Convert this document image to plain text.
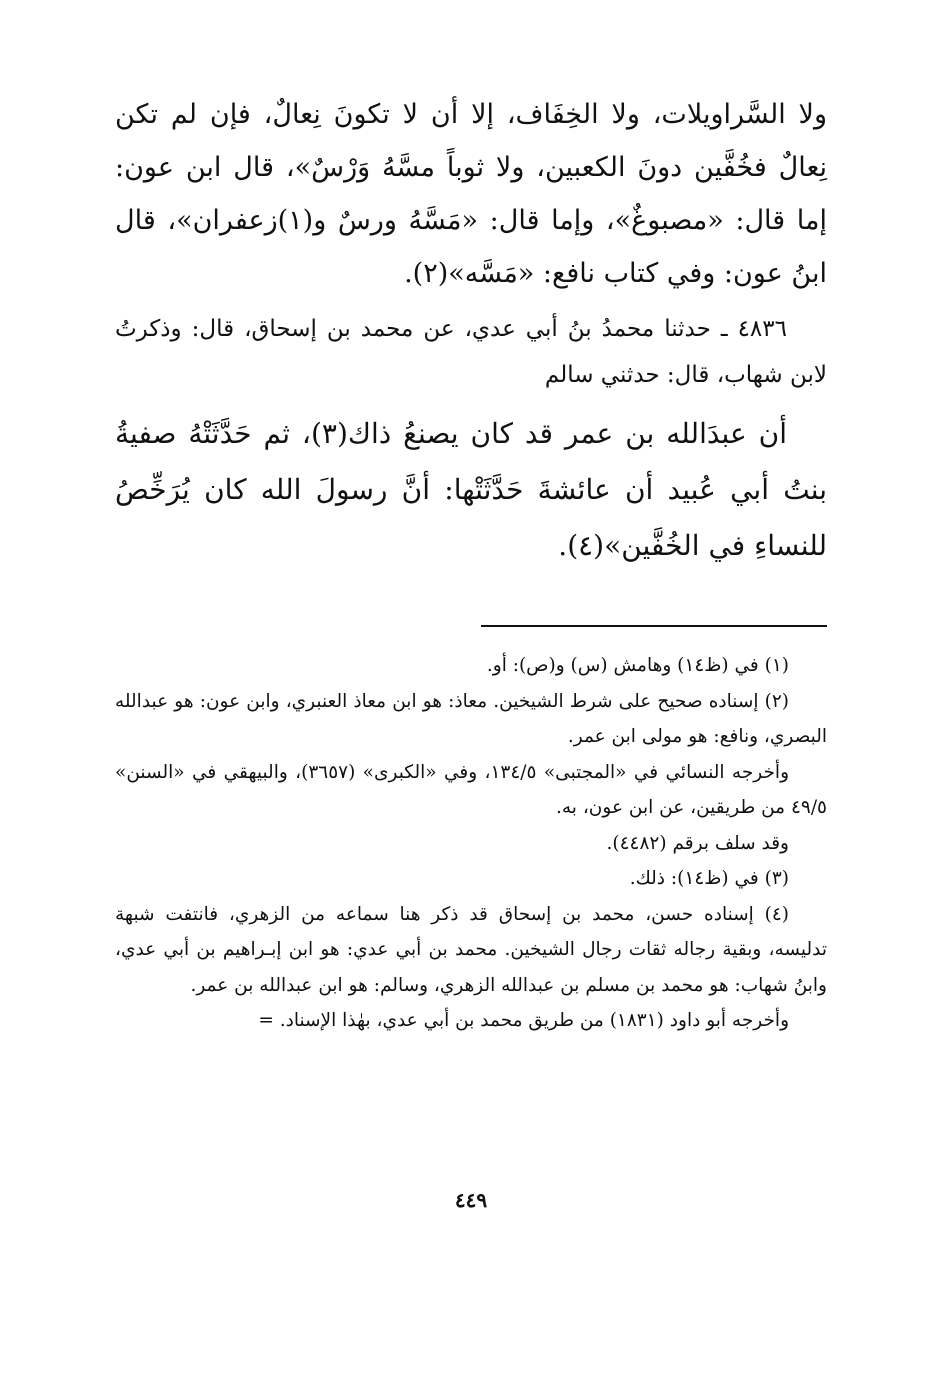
ولا السَّراويلات، ولا الخِفَاف، إلا أن لا تكونَ نِعالٌ، فإن لم تكن نِعالٌ فخُفَّين دونَ الكعبين، ولا ثوباً مسَّهُ وَرْسٌ»، قال ابن عون: إما قال: «مصبوغٌ»، وإما قال: «مَسَّهُ ورسٌ و(١)زعفران»، قال ابنُ عون: وفي كتاب نافع: «مَسَّه»(٢).

٤٨٣٦ ـ حدثنا محمدُ بنُ أبي عدي، عن محمد بن إسحاق، قال: وذكرتُ لابن شهاب، قال: حدثني سالم

أن عبدَالله بن عمر قد كان يصنعُ ذاك(٣)، ثم حَدَّثَتْهُ صفيةُ بنتُ أبي عُبيد أن عائشةَ حَدَّثَتْها: أنَّ رسولَ الله كان يُرَخِّصُ للنساءِ في الخُفَّين»(٤).

(١) في (ظ١٤) وهامش (س) و(ص): أو.

(٢) إسناده صحيح على شرط الشيخين. معاذ: هو ابن معاذ العنبري، وابن عون: هو عبدالله البصري، ونافع: هو مولى ابن عمر.

وأخرجه النسائي في «المجتبى» ١٣٤/٥، وفي «الكبرى» (٣٦٥٧)، والبيهقي في «السنن» ٤٩/٥ من طريقين، عن ابن عون، به.

وقد سلف برقم (٤٤٨٢).

(٣) في (ظ١٤): ذلك.

(٤) إسناده حسن، محمد بن إسحاق قد ذكر هنا سماعه من الزهري، فانتفت شبهة تدليسه، وبقية رجاله ثقات رجال الشيخين. محمد بن أبي عدي: هو ابن إبـراهيم بن أبي عدي، وابنُ شهاب: هو محمد بن مسلم بن عبدالله الزهري، وسالم: هو ابن عبدالله بن عمر.

وأخرجه أبو داود (١٨٣١) من طريق محمد بن أبي عدي، بهٰذا الإسناد. =

٤٤٩
